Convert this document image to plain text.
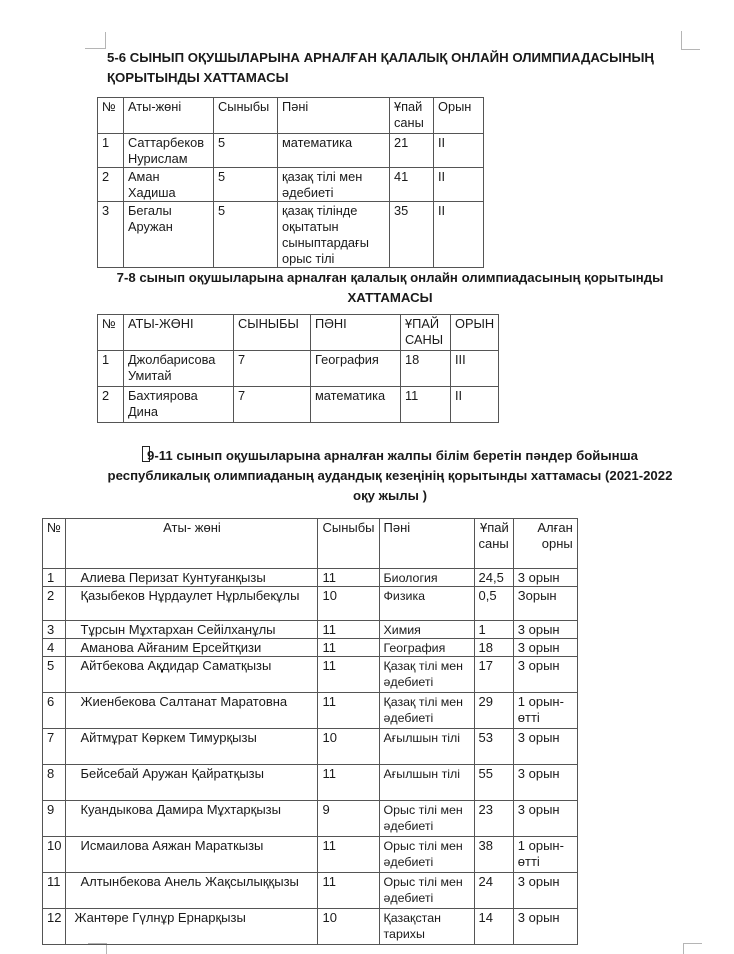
5-6 СЫНЫП ОҚУШЫЛАРЫНА АРНАЛҒАН ҚАЛАЛЫҚ ОНЛАЙН ОЛИМПИАДАСЫНЫҢ ҚОРЫТЫНДЫ ХАТТАМАСЫ
№	Аты-жөні	Сыныбы	Пәні	Ұпай саны	Орын
1	Саттарбеков Нурислам	5	математика	21	II
2	Аман Хадиша	5	қазақ тілі мен әдебиеті	41	II
3	Бегалы Аружан	5	қазақ тілінде оқытатын сыныптардағы орыс тілі	35	II
7-8 сынып оқушыларына арналған қалалық онлайн олимпиадасының қорытынды ХАТТАМАСЫ
№	АТЫ-ЖӨНІ	СЫНЫБЫ	ПӘНІ	ҰПАЙ САНЫ	ОРЫН
1	Джолбарисова Умитай	7	География	18	III
2	Бахтиярова Дина	7	математика	11	II
9-11 сынып оқушыларына арналған жалпы білім беретін пәндер бойынша республикалық олимпиаданың аудандық кезеңінің қорытынды хаттамасы (2021-2022 оқу жылы )
№	Аты- жөні	Сыныбы	Пәні	Ұпай саны	Алған орны
1	Алиева Перизат Кунтуғанқызы	11	Биология	24,5	3 орын
2	Қазыбеков Нұрдаулет Нұрлыбекұлы	10	Физика	0,5	Зорын
3	Тұрсын Мұхтархан Сейілханұлы	11	Химия	1	3 орын
4	Аманова Айғаним Ерсейтқизи	11	География	18	3 орын
5	Айтбекова Ақдидар Саматқызы	11	Қазақ тілі мен әдебиеті	17	3 орын
6	Жиенбекова Салтанат Маратовна	11	Қазақ тілі мен әдебиеті	29	1 орын-өтті
7	Айтмұрат Көркем Тимурқызы	10	Ағылшын тілі	53	3 орын
8	Бейсебай Аружан Қайратқызы	11	Ағылшын тілі	55	3 орын
9	Куандыкова Дамира Мұхтарқызы	9	Орыс тілі мен әдебиеті	23	3 орын
10	Исмаилова Аяжан Мараткызы	11	Орыс тілі мен әдебиеті	38	1 орын-өтті
11	Алтынбекова Анель Жақсылыққызы	11	Орыс тілі мен әдебиеті	24	3 орын
12	Жантөре Гүлнұр Ернарқызы	10	Қазақстан тарихы	14	3 орын
